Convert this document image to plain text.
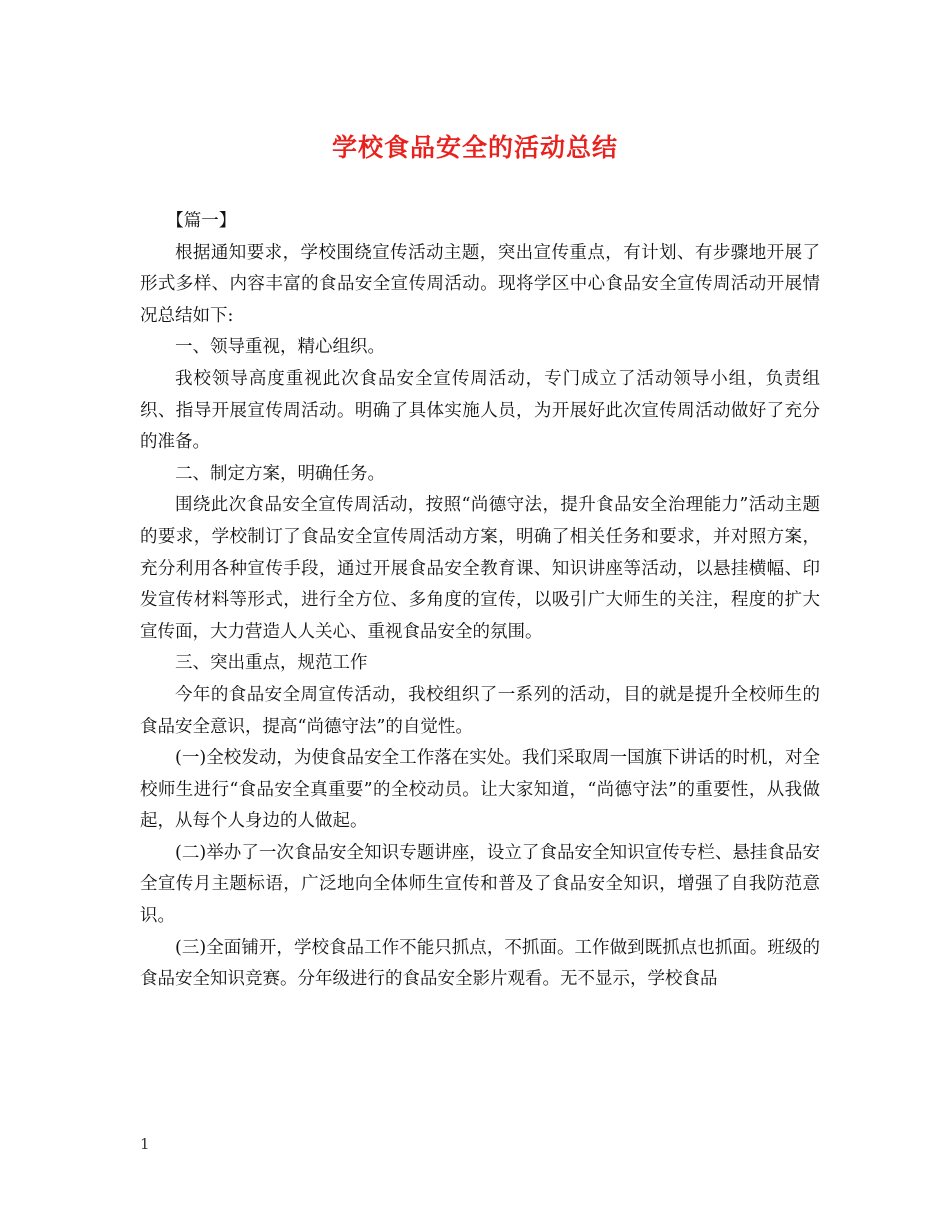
学校食品安全的活动总结

【篇一】

根据通知要求，学校围绕宣传活动主题，突出宣传重点，有计划、有步骤地开展了形式多样、内容丰富的食品安全宣传周活动。现将学区中心食品安全宣传周活动开展情况总结如下:

一、领导重视，精心组织。

我校领导高度重视此次食品安全宣传周活动，专门成立了活动领导小组，负责组织、指导开展宣传周活动。明确了具体实施人员，为开展好此次宣传周活动做好了充分的准备。

二、制定方案，明确任务。

围绕此次食品安全宣传周活动，按照“尚德守法，提升食品安全治理能力”活动主题的要求，学校制订了食品安全宣传周活动方案，明确了相关任务和要求，并对照方案，充分利用各种宣传手段，通过开展食品安全教育课、知识讲座等活动，以悬挂横幅、印发宣传材料等形式，进行全方位、多角度的宣传，以吸引广大师生的关注，程度的扩大宣传面，大力营造人人关心、重视食品安全的氛围。

三、突出重点，规范工作

今年的食品安全周宣传活动，我校组织了一系列的活动，目的就是提升全校师生的食品安全意识，提高“尚德守法”的自觉性。

(一)全校发动，为使食品安全工作落在实处。我们采取周一国旗下讲话的时机，对全校师生进行“食品安全真重要”的全校动员。让大家知道，“尚德守法”的重要性，从我做起，从每个人身边的人做起。

(二)举办了一次食品安全知识专题讲座，设立了食品安全知识宣传专栏、悬挂食品安全宣传月主题标语，广泛地向全体师生宣传和普及了食品安全知识，增强了自我防范意识。

(三)全面铺开，学校食品工作不能只抓点，不抓面。工作做到既抓点也抓面。班级的食品安全知识竞赛。分年级进行的食品安全影片观看。无不显示，学校食品

1
